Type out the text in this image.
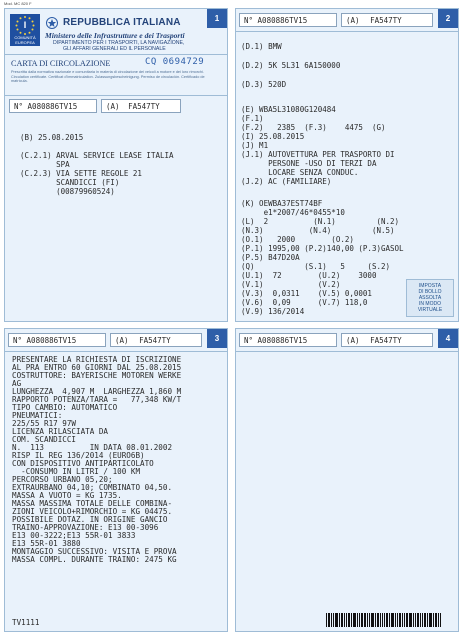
Mod. MC 820 F
1
I
COMUNITÀ EUROPEA
REPUBBLICA ITALIANA
Ministero delle Infrastrutture e dei Trasporti
DIPARTIMENTO PER I TRASPORTI, LA NAVIGAZIONE,
GLI AFFARI GENERALI ED IL PERSONALE
CARTA DI CIRCOLAZIONE	CQ 0694729
Prescritta dalla normativa nazionale e comunitaria in materia di circolazione dei veicoli a motore e dei loro rimorchi. Circulation certificate. Certificat d'immatriculation. Zulassungsbescheinigung. Permiso de circulación. Certificado de matrícula.
N° A080886TV15	(A) FA547TY
(B) 25.08.2015
(C.2.1) ARVAL SERVICE LEASE ITALIA
SPA
(C.2.3) VIA SETTE REGOLE 21
SCANDICCI (FI)
(00879960524)
2
N° A080886TV15	(A) FA547TY
(D.1) BMW
(D.2) 5K 5L31 6A150000
(D.3) 520D
(E) WBA5L31080G120484
(F.1)
(F.2)   2385  (F.3)    4475  (G)
(I) 25.08.2015
(J) M1
(J.1) AUTOVETTURA PER TRASPORTO DI
PERSONE -USO DI TERZI DA
LOCARE SENZA CONDUC.
(J.2) AC (FAMILIARE)
(K) OEWBA37EST74BF
e1*2007/46*0455*10
(L)  2          (N.1)         (N.2)
(N.3)          (N.4)         (N.5)
(O.1)   2000        (O.2)
(P.1) 1995,00 (P.2)140,00 (P.3)GASOL
(P.5) B47D20A
(Q)           (S.1)   5     (S.2)
(U.1)  72        (U.2)    3000
(V.1)            (V.2)
(V.3)  0,0311    (V.5) 0,0001
(V.6)  0,09      (V.7) 118,0
(V.9) 136/2014
IMPOSTA
DI BOLLO
ASSOLTA
IN MODO
VIRTUALE
3
N° A080886TV15	(A) FA547TY
PRESENTARE LA RICHIESTA DI ISCRIZIONE
AL PRA ENTRO 60 GIORNI DAL 25.08.2015
COSTRUTTORE: BAYERISCHE MOTOREN WERKE
AG
LUNGHEZZA  4,907 M  LARGHEZZA 1,860 M
RAPPORTO POTENZA/TARA =   77,348 KW/T
TIPO CAMBIO: AUTOMATICO
PNEUMATICI:
225/55 R17 97W
LICENZA RILASCIATA DA
COM. SCANDICCI
N.  113          IN DATA 08.01.2002
RISP IL REG 136/2014 (EURO6B)
CON DISPOSITIVO ANTIPARTICOLATO
-CONSUMO IN LITRI / 100 KM
PERCORSO URBANO 05,20;
EXTRAURBANO 04,10; COMBINATO 04,50.
MASSA A VUOTO = KG 1735.
MASSA MASSIMA TOTALE DELLE COMBINA-
ZIONI VEICOLO+RIMORCHIO = KG 04475.
POSSIBILE DOTAZ. IN ORIGINE GANCIO
TRAINO-APPROVAZIONE: E13 00-3096
E13 00-3222;E13 55R-01 3833
E13 55R-01 3880
MONTAGGIO SUCCESSIVO: VISITA E PROVA
MASSA COMPL. DURANTE TRAINO: 2475 KG
TV1111
4
N° A080886TV15	(A) FA547TY
